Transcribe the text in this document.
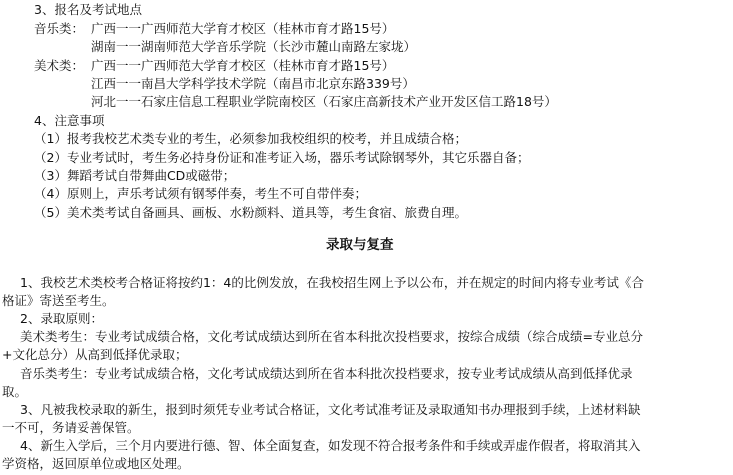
3、报名及考试地点
音乐类： 广西一一广西师范大学育才校区（桂林市育才路15号）
湖南一一湖南师范大学音乐学院（长沙市麓山南路左家垅）
美术类： 广西一一广西师范大学育才校区（桂林市育才路15号）
江西一一南昌大学科学技术学院（南昌市北京东路339号）
河北一一石家庄信息工程职业学院南校区（石家庄高新技术产业开发区信工路18号）
4、注意事项
（1）报考我校艺术类专业的考生，必须参加我校组织的校考，并且成绩合格；
（2）专业考试时，考生务必持身份证和准考证入场，器乐考试除钢琴外，其它乐器自备；
（3）舞蹈考试自带舞曲CD或磁带；
（4）原则上，声乐考试须有钢琴伴奏，考生不可自带伴奏；
（5）美术类考试自备画具、画板、水粉颜料、道具等，考生食宿、旅费自理。
录取与复查
1、我校艺术类校考合格证将按约1：4的比例发放，在我校招生网上予以公布，并在规定的时间内将专业考试《合
格证》寄送至考生。
2、录取原则：
美术类考生：专业考试成绩合格，文化考试成绩达到所在省本科批次投档要求，按综合成绩（综合成绩=专业总分
+文化总分）从高到低择优录取；
音乐类考生：专业考试成绩合格，文化考试成绩达到所在省本科批次投档要求，按专业考试成绩从高到低择优录
取。
3、凡被我校录取的新生，报到时须凭专业考试合格证，文化考试准考证及录取通知书办理报到手续，上述材料缺
一不可，务请妥善保管。
4、新生入学后，三个月内要进行德、智、体全面复查，如发现不符合报考条件和手续或弄虚作假者，将取消其入
学资格，返回原单位或地区处理。
